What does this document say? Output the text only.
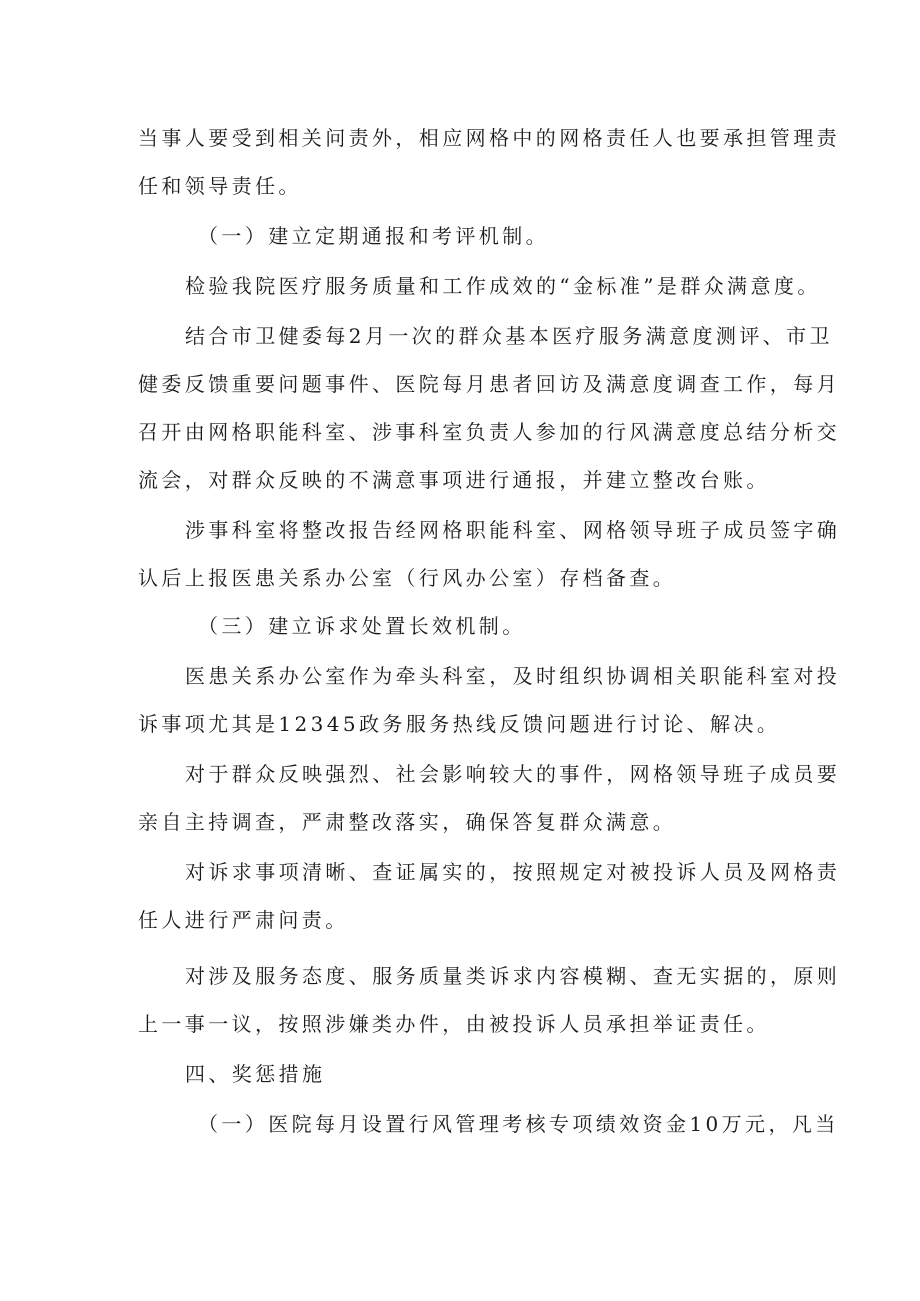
当事人要受到相关问责外，相应网格中的网格责任人也要承担管理责
任和领导责任。
（一）建立定期通报和考评机制。
检验我院医疗服务质量和工作成效的“金标准”是群众满意度。
结合市卫健委每2月一次的群众基本医疗服务满意度测评、市卫
健委反馈重要问题事件、医院每月患者回访及满意度调查工作，每月
召开由网格职能科室、涉事科室负责人参加的行风满意度总结分析交
流会，对群众反映的不满意事项进行通报，并建立整改台账。
涉事科室将整改报告经网格职能科室、网格领导班子成员签字确
认后上报医患关系办公室（行风办公室）存档备查。
（三）建立诉求处置长效机制。
医患关系办公室作为牵头科室，及时组织协调相关职能科室对投
诉事项尤其是12345政务服务热线反馈问题进行讨论、解决。
对于群众反映强烈、社会影响较大的事件，网格领导班子成员要
亲自主持调查，严肃整改落实，确保答复群众满意。
对诉求事项清晰、查证属实的，按照规定对被投诉人员及网格责
任人进行严肃问责。
对涉及服务态度、服务质量类诉求内容模糊、查无实据的，原则
上一事一议，按照涉嫌类办件，由被投诉人员承担举证责任。
四、奖惩措施
（一）医院每月设置行风管理考核专项绩效资金10万元，凡当
